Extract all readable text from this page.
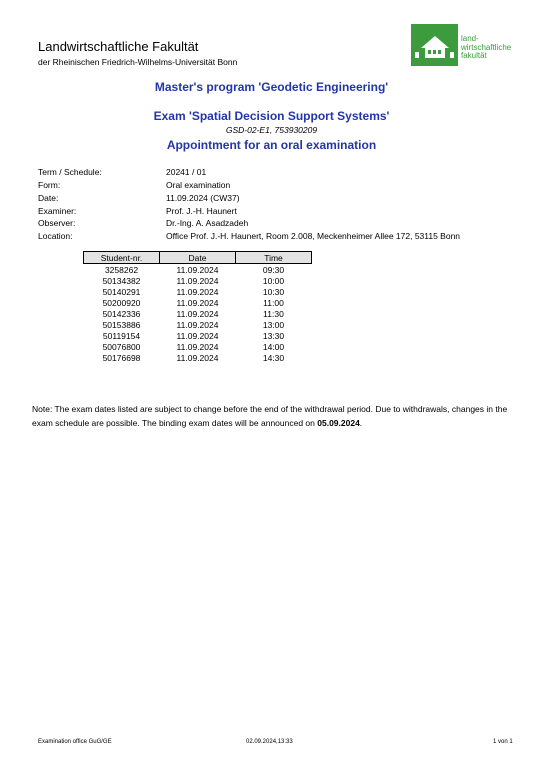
Landwirtschaftliche Fakultät
der Rheinischen Friedrich-Wilhelms-Universität Bonn
land-
wirtschaftliche
fakultät
Master's program 'Geodetic Engineering'
Exam 'Spatial Decision Support Systems'
GSD-02-E1, 753930209
Appointment for an oral examination
Term / Schedule:	20241 / 01
Form:	Oral examination
Date:	11.09.2024 (CW37)
Examiner:	Prof. J.-H. Haunert
Observer:	Dr.-Ing. A. Asadzadeh
Location:	Office Prof. J.-H. Haunert, Room 2.008, Meckenheimer Allee 172, 53115 Bonn
Student-nr.	Date	Time
3258262	11.09.2024	09:30
50134382	11.09.2024	10:00
50140291	11.09.2024	10:30
50200920	11.09.2024	11:00
50142336	11.09.2024	11:30
50153886	11.09.2024	13:00
50119154	11.09.2024	13:30
50076800	11.09.2024	14:00
50176698	11.09.2024	14:30
Note: The exam dates listed are subject to change before the end of the withdrawal period. Due to withdrawals, changes in the exam schedule are possible. The binding exam dates will be announced on 05.09.2024.
Examination office GuG/GE	02.09.2024,13:33	1 von 1
